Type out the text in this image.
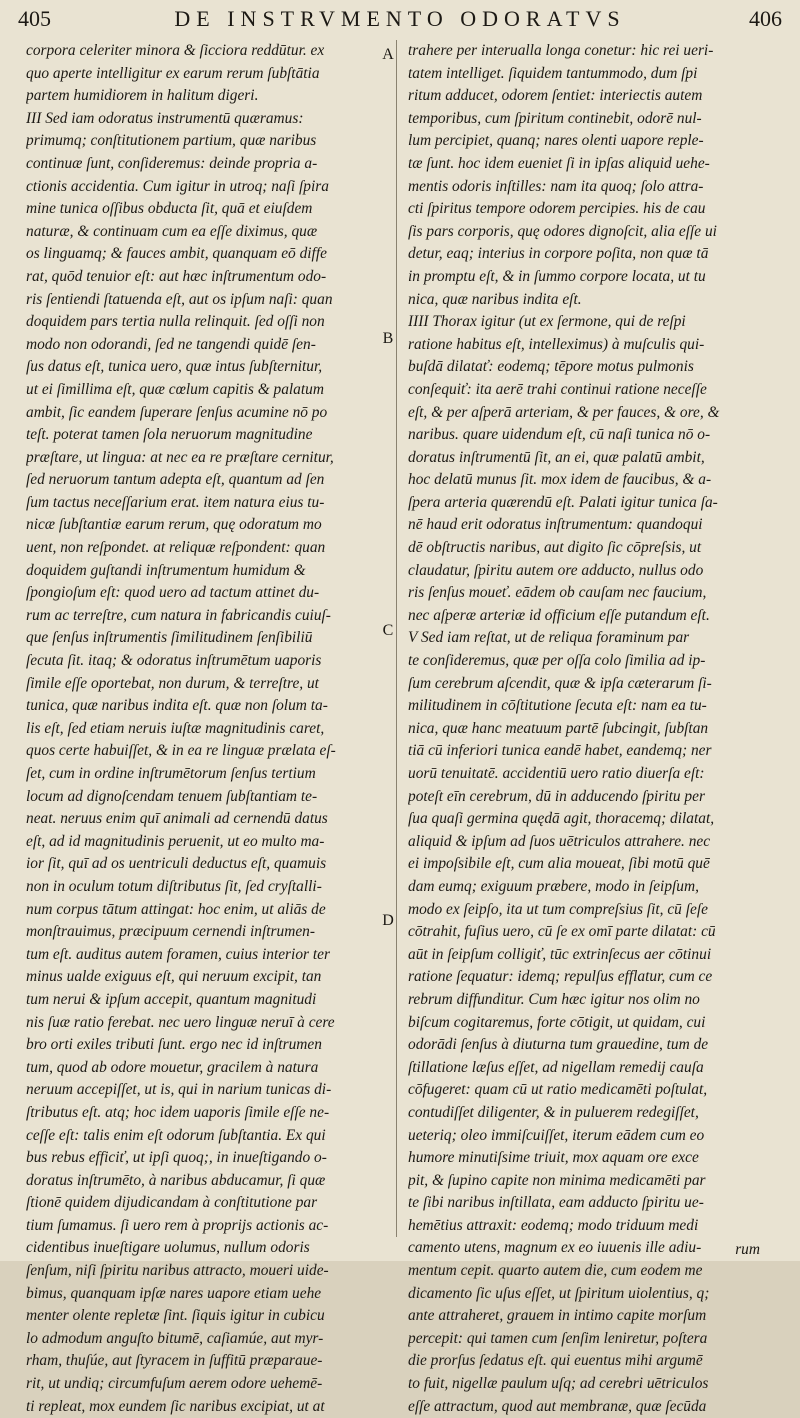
405	DE INSTRVMENTO ODORATVS	406
corpora celeriter minora & ſicciora reddūtur. ex
quo aperte intelligitur ex earum rerum ſubſtātia
partem humidiorem in halitum digeri.
III Sed iam odoratus instrumentū quæramus:
primumq; conſtitutionem partium, quæ naribus
continuæ ſunt, conſideremus: deinde propria a-
ctionis accidentia. Cum igitur in utroq; naſi ſpira
mine tunica oſſibus obducta ſit, quā et eiuſdem
naturæ, & continuam cum ea eſſe diximus, quæ
os linguamq; & fauces ambit, quanquam eō diffe
rat, quōd tenuior eſt: aut hæc inſtrumentum odo-
ris ſentiendi ſtatuenda eſt, aut os ipſum naſi: quan
doquidem pars tertia nulla relinquit. ſed oſſi non
modo non odorandi, ſed ne tangendi quidē ſen-
ſus datus eſt, tunica uero, quæ intus ſubſternitur,
ut ei ſimillima eſt, quæ cœlum capitis & palatum
ambit, ſic eandem ſuperare ſenſus acumine nō po
teſt. poterat tamen ſola neruorum magnitudine
præſtare, ut lingua: at nec ea re præſtare cernitur,
ſed neruorum tantum adepta eſt, quantum ad ſen
ſum tactus neceſſarium erat. item natura eius tu-
nicæ ſubſtantiæ earum rerum, quę odoratum mo
uent, non reſpondet. at reliquæ reſpondent: quan
doquidem guſtandi inſtrumentum humidum &
ſpongioſum eſt: quod uero ad tactum attinet du-
rum ac terreſtre, cum natura in fabricandis cuiuſ-
que ſenſus inſtrumentis ſimilitudinem ſenſibiliū
ſecuta ſit. itaq; & odoratus inſtrumētum uaporis
ſimile eſſe oportebat, non durum, & terreſtre, ut
tunica, quæ naribus indita eſt. quæ non ſolum ta-
lis eſt, ſed etiam neruis iuſtæ magnitudinis caret,
quos certe habuiſſet, & in ea re linguæ prælata eſ-
ſet, cum in ordine inſtrumētorum ſenſus tertium
locum ad dignoſcendam tenuem ſubſtantiam te-
neat. neruus enim quī animali ad cernendū datus
eſt, ad id magnitudinis peruenit, ut eo multo ma-
ior ſit, quī ad os uentriculi deductus eſt, quamuis
non in oculum totum diſtributus ſit, ſed cryſtalli-
num corpus tātum attingat: hoc enim, ut aliās de
monſtrauimus, præcipuum cernendi inſtrumen-
tum eſt. auditus autem foramen, cuius interior ter
minus ualde exiguus eſt, qui neruum excipit, tan
tum nerui & ipſum accepit, quantum magnitudi
nis ſuæ ratio ferebat. nec uero linguæ neruī à cere
bro orti exiles tributi ſunt. ergo nec id inſtrumen
tum, quod ab odore mouetur, gracilem à natura
neruum accepiſſet, ut is, qui in narium tunicas di-
ſtributus eſt. atq; hoc idem uaporis ſimile eſſe ne-
ceſſe eſt: talis enim eſt odorum ſubſtantia. Ex qui
bus rebus efficiť, ut ipſi quoq;, in inueſtigando o-
doratus inſtrumēto, à naribus abducamur, ſi quæ
ſtionē quidem dijudicandam à conſtitutione par
tium ſumamus. ſi uero rem à proprijs actionis ac-
cidentibus inueſtigare uolumus, nullum odoris
ſenſum, niſi ſpiritu naribus attracto, moueri uide-
bimus, quanquam ipſæ nares uapore etiam uehe
menter olente repletæ ſint. ſiquis igitur in cubicu
lo admodum anguſto bitumē, caſiamúe, aut myr-
rham, thuſúe, aut ſtyracem in ſuffitū præparaue-
rit, ut undiq; circumfuſum aerem odore uehemē-
ti repleat, mox eundem ſic naribus excipiat, ut at
trahere per interualla longa conetur: hic rei ueri-
tatem intelliget. ſiquidem tantummodo, dum ſpi
ritum adducet, odorem ſentiet: interiectis autem
temporibus, cum ſpiritum continebit, odorē nul-
lum percipiet, quanq; nares olenti uapore reple-
tæ ſunt. hoc idem eueniet ſi in ipſas aliquid uehe-
mentis odoris inſtilles: nam ita quoq; ſolo attra-
cti ſpiritus tempore odorem percipies. his de cau
ſis pars corporis, quę odores dignoſcit, alia eſſe ui
detur, eaq; interius in corpore poſita, non quæ tā
in promptu eſt, & in ſummo corpore locata, ut tu
nica, quæ naribus indita eſt.
IIII Thorax igitur (ut ex ſermone, qui de reſpi
ratione habitus eſt, intelleximus) à muſculis qui-
buſdā dilatať: eodemq; tēpore motus pulmonis
conſequiť: ita aerē trahi continui ratione neceſſe
eſt, & per aſperā arteriam, & per fauces, & ore, &
naribus. quare uidendum eſt, cū naſi tunica nō o-
doratus inſtrumentū ſit, an ei, quæ palatū ambit,
hoc delatū munus ſit. mox idem de faucibus, & a-
ſpera arteria quærendū eſt. Palati igitur tunica ſa-
nē haud erit odoratus inſtrumentum: quandoqui
dē obſtructis naribus, aut digito ſic cōpreſsis, ut
claudatur, ſpiritu autem ore adducto, nullus odo
ris ſenſus moueť. eādem ob cauſam nec faucium,
nec aſperæ arteriæ id officium eſſe putandum eſt.
V Sed iam reſtat, ut de reliqua foraminum par
te conſideremus, quæ per oſſa colo ſimilia ad ip-
ſum cerebrum aſcendit, quæ & ipſa cæterarum ſi-
militudinem in cōſtitutione ſecuta eſt: nam ea tu-
nica, quæ hanc meatuum partē ſubcingit, ſubſtan
tiā cū inferiori tunica eandē habet, eandemq; ner
uorū tenuitatē. accidentiū uero ratio diuerſa eſt:
poteſt eīn cerebrum, dū in adducendo ſpiritu per
ſua quaſi germina quędā agit, thoracemq; dilatat,
aliquid & ipſum ad ſuos uētriculos attrahere. nec
ei impoſsibile eſt, cum alia moueat, ſibi motū quē
dam eumq; exiguum præbere, modo in ſeipſum,
modo ex ſeipſo, ita ut tum compreſsius ſit, cū ſeſe
cōtrahit, fuſius uero, cū ſe ex omī parte dilatat: cū
aūt in ſeipſum colligiť, tūc extrinſecus aer cōtinui
ratione ſequatur: idemq; repulſus efflatur, cum ce
rebrum diffunditur. Cum hæc igitur nos olim no
biſcum cogitaremus, forte cōtigit, ut quidam, cui
odorādi ſenſus à diuturna tum grauedine, tum de
ſtillatione læſus eſſet, ad nigellam remedij cauſa
cōfugeret: quam cū ut ratio medicamēti poſtulat,
contudiſſet diligenter, & in puluerem redegiſſet,
ueteriq; oleo immiſcuiſſet, iterum eādem cum eo
humore minutiſsime triuit, mox aquam ore exce
pit, & ſupino capite non minima medicamēti par
te ſibi naribus inſtillata, eam adducto ſpiritu ue-
hemētius attraxit: eodemq; modo triduum medi
camento utens, magnum ex eo iuuenis ille adiu-
mentum cepit. quarto autem die, cum eodem me
dicamento ſic uſus eſſet, ut ſpiritum uiolentius, q;
ante attraheret, grauem in intimo capite morſum
percepit: qui tamen cum ſenſim leniretur, poſtera
die prorſus ſedatus eſt. qui euentus mihi argumē
to fuit, nigellæ paulum uſq; ad cerebri uētriculos
eſſe attractum, quod aut membranæ, quæ ſecūda
A
B
C
D
rum
